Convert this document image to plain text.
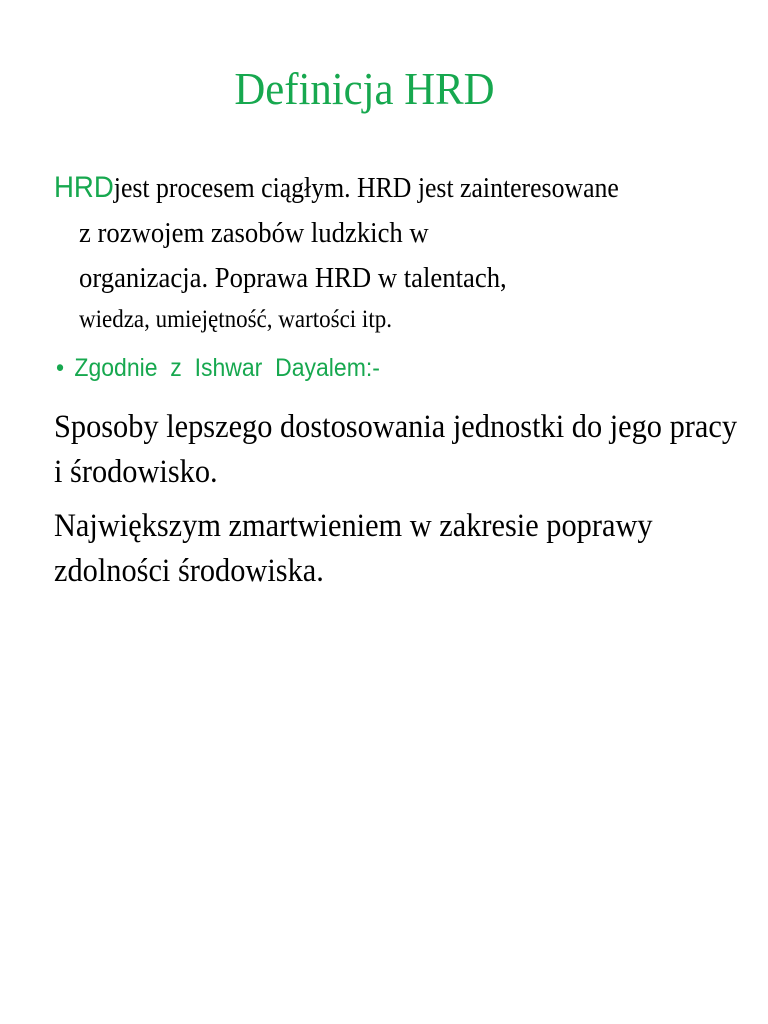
Definicja HRD

HRDjest procesem ciągłym. HRD jest zainteresowane

z rozwojem zasobów ludzkich w

organizacja. Poprawa HRD w talentach,

wiedza, umiejętność, wartości itp.

• Zgodnie  z  Ishwar  Dayalem:-

Sposoby lepszego dostosowania jednostki do jego pracy

i środowisko.

Największym zmartwieniem w zakresie poprawy

zdolności środowiska.
